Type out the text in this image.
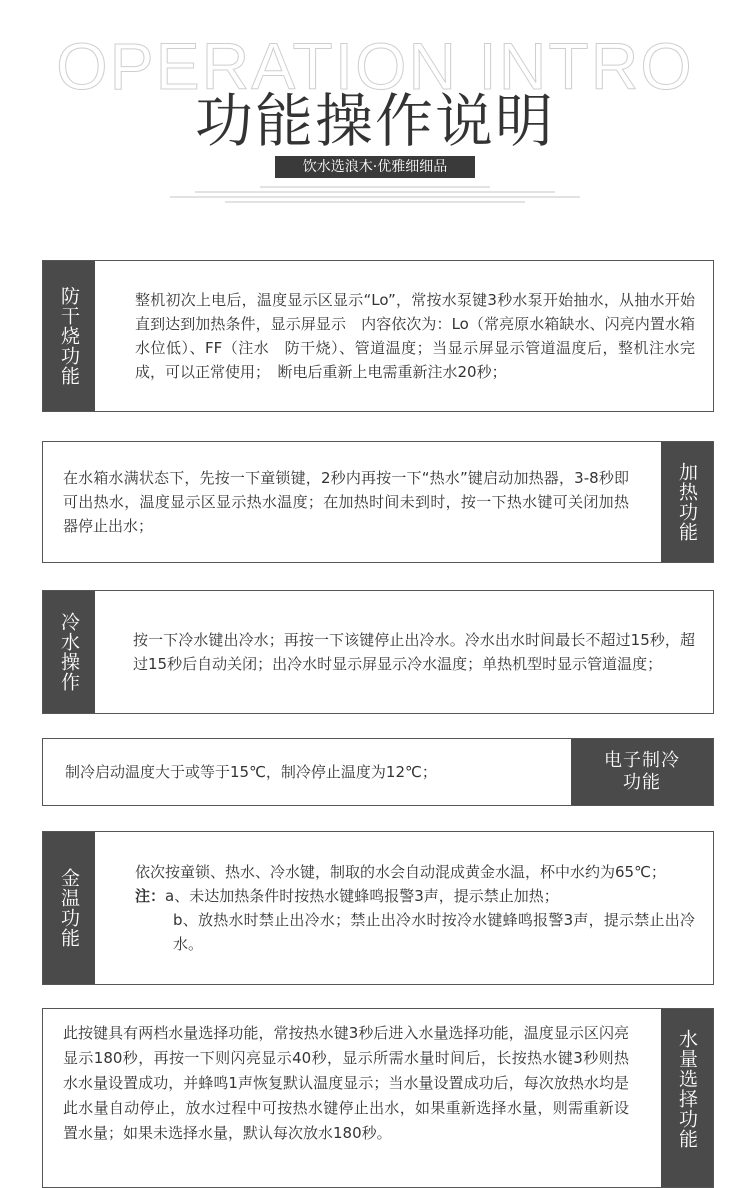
OPERATION INTRO
功能操作说明
饮水选浪木·优雅细细品
防干烧功能	整机初次上电后，温度显示区显示“Lo”，常按水泵键3秒水泵开始抽水，从抽水开始直到达到加热条件，显示屏显示　内容依次为：Lo（常亮原水箱缺水、闪亮内置水箱水位低）、FF（注水　防干烧）、管道温度；当显示屏显示管道温度后，整机注水完成，可以正常使用；　断电后重新上电需重新注水20秒；

在水箱水满状态下，先按一下童锁键，2秒内再按一下“热水”键启动加热器，3-8秒即可出热水，温度显示区显示热水温度；在加热时间未到时，按一下热水键可关闭加热器停止出水；	加热功能
冷水操作	按一下冷水键出冷水；再按一下该键停止出冷水。冷水出水时间最长不超过15秒，超过15秒后自动关闭；出冷水时显示屏显示冷水温度；单热机型时显示管道温度；

制冷启动温度大于或等于15℃，制冷停止温度为12℃；

电子制冷
功能
金温功能	依次按童锁、热水、冷水键，制取的水会自动混成黄金水温，杯中水约为65℃；

注：a、未达加热条件时按热水键蜂鸣报警3声，提示禁止加热；

b、放热水时禁止出冷水；禁止出冷水时按冷水键蜂鸣报警3声，提示禁止出冷水。

此按键具有两档水量选择功能，常按热水键3秒后进入水量选择功能，温度显示区闪亮显示180秒，再按一下则闪亮显示40秒，显示所需水量时间后，长按热水键3秒则热水水量设置成功，并蜂鸣1声恢复默认温度显示；当水量设置成功后，每次放热水均是此水量自动停止，放水过程中可按热水键停止出水，如果重新选择水量，则需重新设置水量；如果未选择水量，默认每次放水180秒。	水量选择功能
